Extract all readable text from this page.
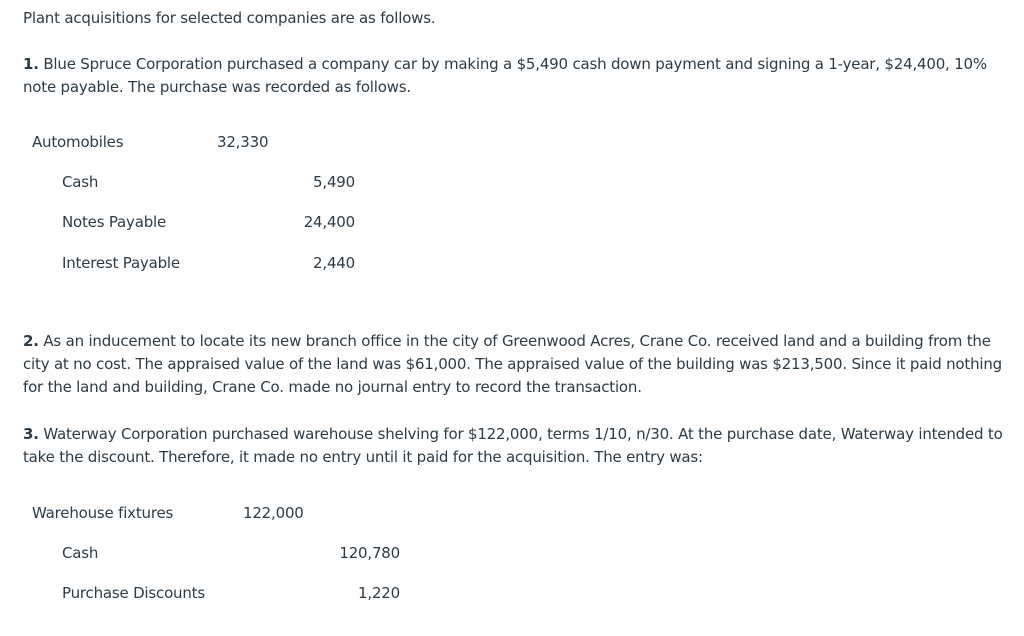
Plant acquisitions for selected companies are as follows.

1. Blue Spruce Corporation purchased a company car by making a $5,490 cash down payment and signing a 1-year, $24,400, 10% note payable. The purchase was recorded as follows.

Automobiles	32,330
Cash	5,490
Notes Payable	24,400
Interest Payable	2,440

2. As an inducement to locate its new branch office in the city of Greenwood Acres, Crane Co. received land and a building from the city at no cost. The appraised value of the land was $61,000. The appraised value of the building was $213,500. Since it paid nothing for the land and building, Crane Co. made no journal entry to record the transaction.

3. Waterway Corporation purchased warehouse shelving for $122,000, terms 1/10, n/30. At the purchase date, Waterway intended to take the discount. Therefore, it made no entry until it paid for the acquisition. The entry was:

Warehouse fixtures	122,000
Cash	120,780
Purchase Discounts	1,220
